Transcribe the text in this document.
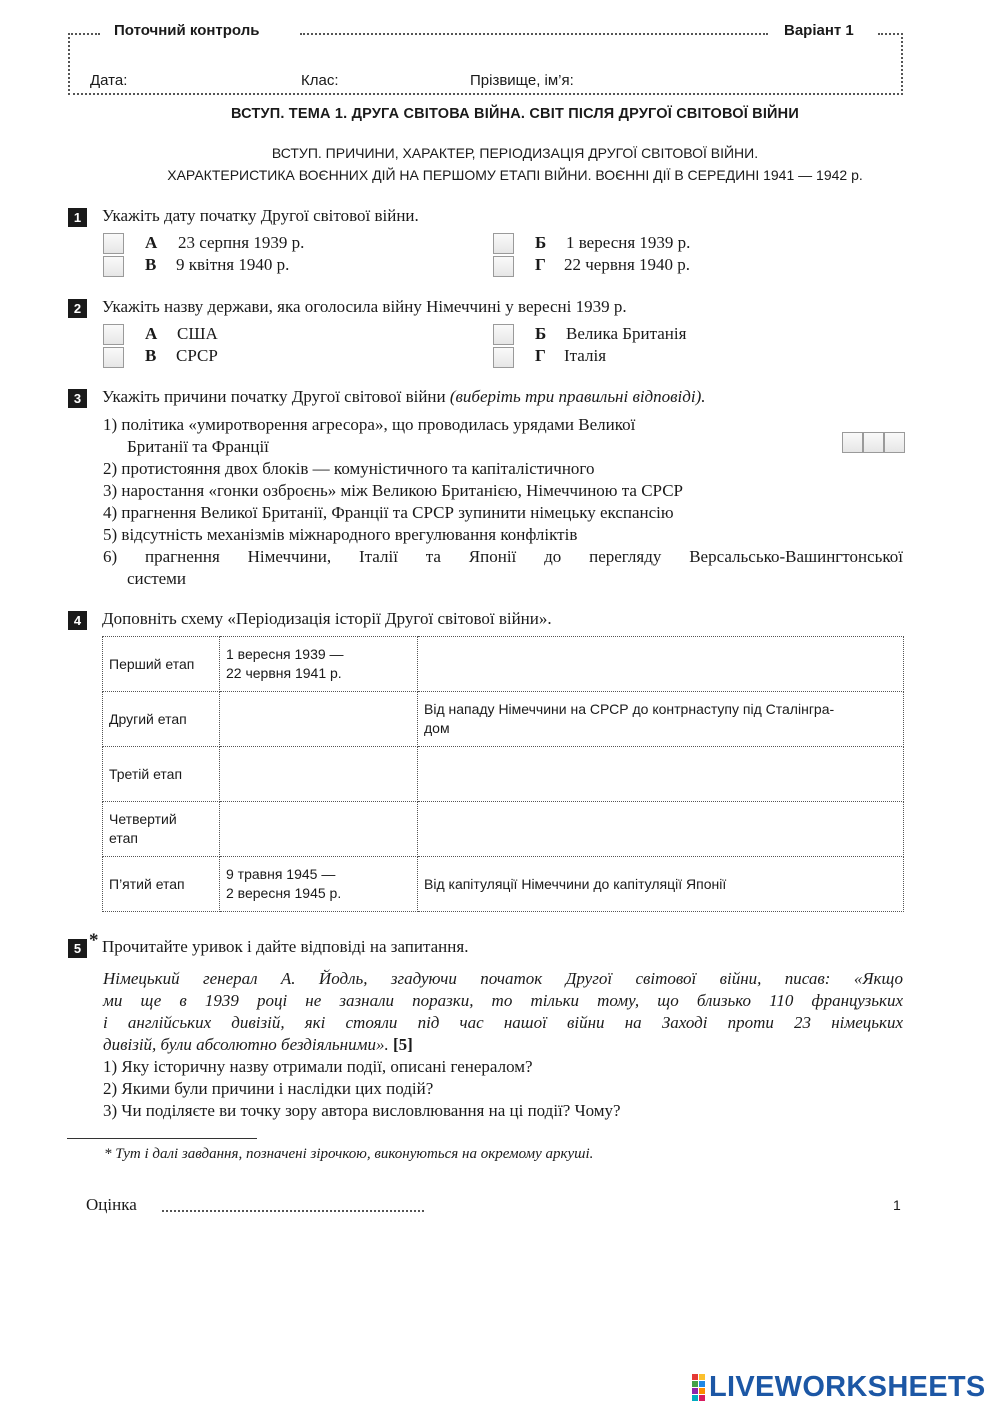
Поточний контроль	Варіант 1
Дата:	Клас:	Прізвище, ім’я:
ВСТУП. ТЕМА 1. ДРУГА СВІТОВА ВІЙНА. СВІТ ПІСЛЯ ДРУГОЇ СВІТОВОЇ ВІЙНИ
ВСТУП. ПРИЧИНИ, ХАРАКТЕР, ПЕРІОДИЗАЦІЯ ДРУГОЇ СВІТОВОЇ ВІЙНИ.
ХАРАКТЕРИСТИКА ВОЄННИХ ДІЙ НА ПЕРШОМУ ЕТАПІ ВІЙНИ. ВОЄННІ ДІЇ В СЕРЕДИНІ 1941 — 1942 р.
1	Укажіть дату початку Другої світової війни.
А 23 серпня 1939 р.	Б 1 вересня 1939 р.
В 9 квітня 1940 р.	Г 22 червня 1940 р.
2	Укажіть назву держави, яка оголосила війну Німеччині у вересні 1939 р.
А США	Б Велика Британія
В СРСР	Г Італія
3	Укажіть причини початку Другої світової війни (виберіть три правильні відповіді).
1) політика «умиротворення агресора», що проводилась урядами Великої
Британії та Франції
2) протистояння двох блоків — комуністичного та капіталістичного
3) наростання «гонки озброєнь» між Великою Британією, Німеччиною та СРСР
4) прагнення Великої Британії, Франції та СРСР зупинити німецьку експансію
5) відсутність механізмів міжнародного врегулювання конфліктів
6) прагнення Німеччини, Італії та Японії до перегляду Версальсько-Вашингтонської
системи
4	Доповніть схему «Періодизація історії Другої світової війни».
Перший етап	1 вересня 1939 —
22 червня 1941 р.	

Другий етап		Від нападу Німеччини на СРСР до контрнаступу під Сталінгра-
дом
Третій етап	

Четвертий
етап	

П’ятий етап	9 травня 1945 —
2 вересня 1945 р.	Від капітуляції Німеччини до капітуляції Японії
5 * Прочитайте уривок і дайте відповіді на запитання.
Німецький генерал А. Йодль, згадуючи початок Другої світової війни, писав: «Якщо
ми ще в 1939 році не зазнали поразки, то тільки тому, що близько 110 французьких
і англійських дивізій, які стояли під час нашої війни на Заході проти 23 німецьких
дивізій, були абсолютно бездіяльними». [5]
1) Яку історичну назву отримали події, описані генералом?
2) Якими були причини і наслідки цих подій?
3) Чи поділяєте ви точку зору автора висловлювання на ці події? Чому?
* Тут і далі завдання, позначені зірочкою, виконуються на окремому аркуші.
Оцінка	1
LIVEWORKSHEETS
